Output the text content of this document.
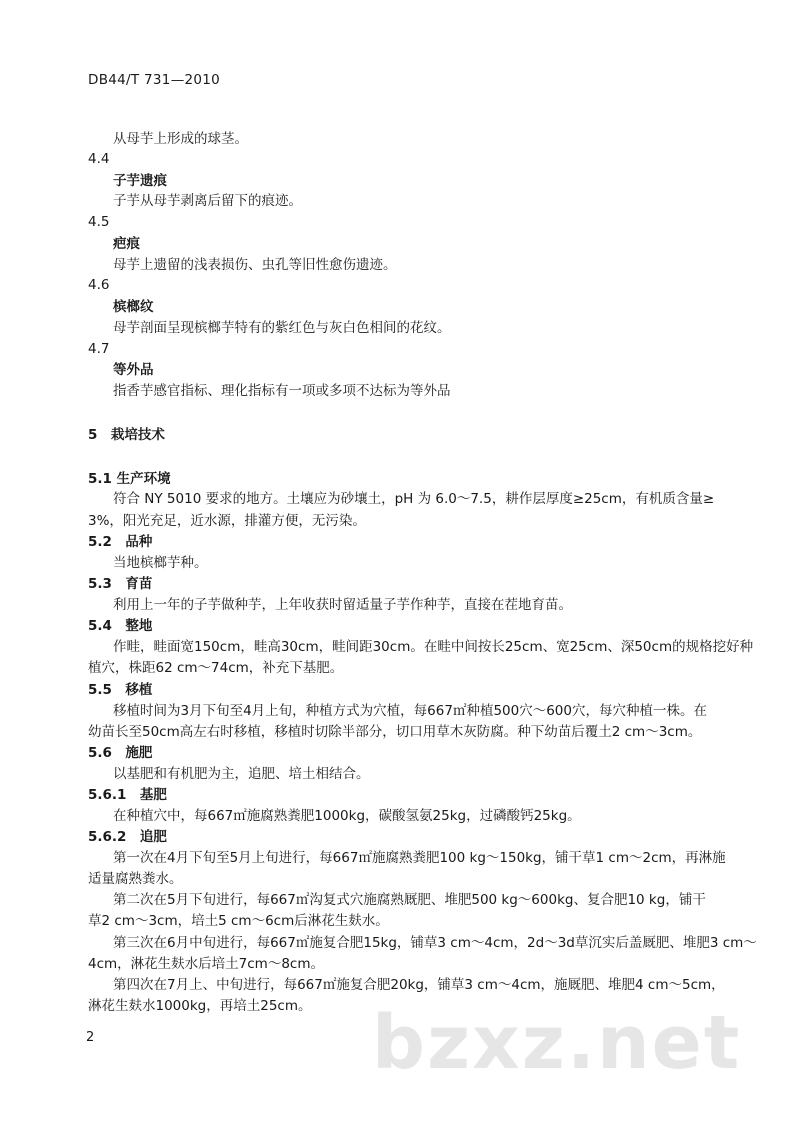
DB44/T 731—2010
从母芋上形成的球茎。
4.4
子芋遗痕
子芋从母芋剥离后留下的痕迹。
4.5
疤痕
母芋上遗留的浅表损伤、虫孔等旧性愈伤遗迹。
4.6
槟榔纹
母芋剖面呈现槟榔芋特有的紫红色与灰白色相间的花纹。
4.7
等外品
指香芋感官指标、理化指标有一项或多项不达标为等外品
5　栽培技术
5.1 生产环境
符合 NY 5010 要求的地方。土壤应为砂壤土，pH 为 6.0～7.5，耕作层厚度≥25cm，有机质含量≥
3%，阳光充足，近水源，排灌方便，无污染。
5.2　品种
当地槟榔芋种。
5.3　育苗
利用上一年的子芋做种芋，上年收获时留适量子芋作种芋，直接在茬地育苗。
5.4　整地
作畦，畦面宽150cm，畦高30cm，畦间距30cm。在畦中间按长25cm、宽25cm、深50cm的规格挖好种
植穴，株距62 cm～74cm，补充下基肥。
5.5　移植
移植时间为3月下旬至4月上旬，种植方式为穴植，每667㎡种植500穴～600穴，每穴种植一株。在
幼苗长至50cm高左右时移植，移植时切除半部分，切口用草木灰防腐。种下幼苗后覆土2 cm～3cm。
5.6　施肥
以基肥和有机肥为主，追肥、培土相结合。
5.6.1　基肥
在种植穴中，每667㎡施腐熟粪肥1000kg，碳酸氢氨25kg，过磷酸钙25kg。
5.6.2　追肥
第一次在4月下旬至5月上旬进行，每667㎡施腐熟粪肥100 kg～150kg，铺干草1 cm～2cm，再淋施
适量腐熟粪水。
第二次在5月下旬进行，每667㎡沟复式穴施腐熟厩肥、堆肥500 kg～600kg、复合肥10 kg，铺干
草2 cm～3cm，培土5 cm～6cm后淋花生麸水。
第三次在6月中旬进行，每667㎡施复合肥15kg，铺草3 cm～4cm，2d～3d草沉实后盖厩肥、堆肥3 cm～
4cm，淋花生麸水后培土7cm～8cm。
第四次在7月上、中旬进行，每667㎡施复合肥20kg，铺草3 cm～4cm，施厩肥、堆肥4 cm～5cm，
淋花生麸水1000kg，再培土25cm。 bzxz.net
2
